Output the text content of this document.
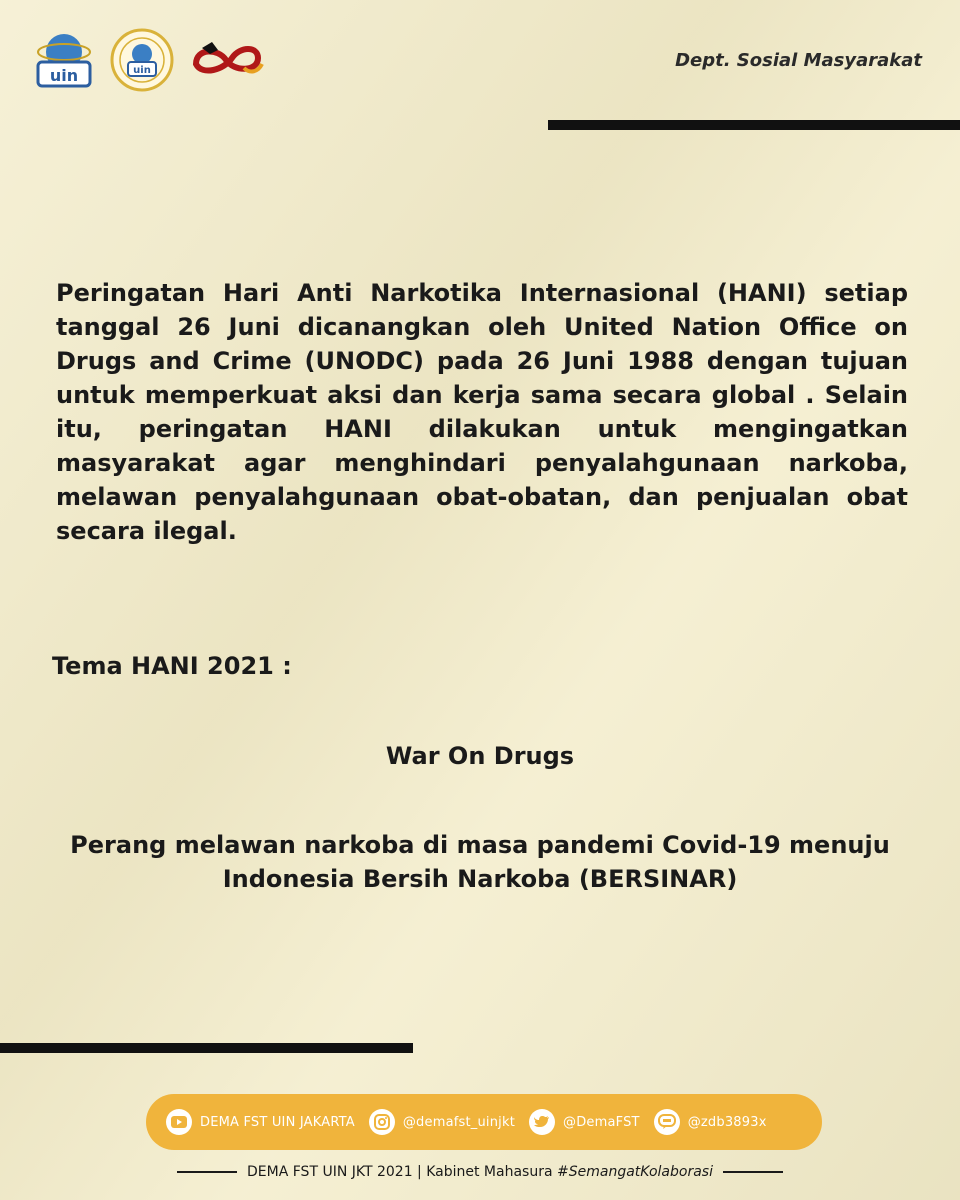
uin	uin	Dept. Sosial Masyarakat
Peringatan Hari Anti Narkotika Internasional (HANI) setiap tanggal 26 Juni dicanangkan oleh United Nation Office on Drugs and Crime (UNODC) pada 26 Juni 1988 dengan tujuan untuk memperkuat aksi dan kerja sama secara global . Selain itu, peringatan HANI dilakukan untuk mengingatkan masyarakat agar menghindari penyalahgunaan narkoba, melawan penyalahgunaan obat-obatan, dan penjualan obat secara ilegal.
Tema HANI 2021 :
War On Drugs
Perang melawan narkoba di masa pandemi Covid-19 menuju Indonesia Bersih Narkoba (BERSINAR)
DEMA FST UIN JAKARTA	@demafst_uinjkt	@DemaFST	@zdb3893x
DEMA FST UIN JKT 2021 | Kabinet Mahasura #SemangatKolaborasi
